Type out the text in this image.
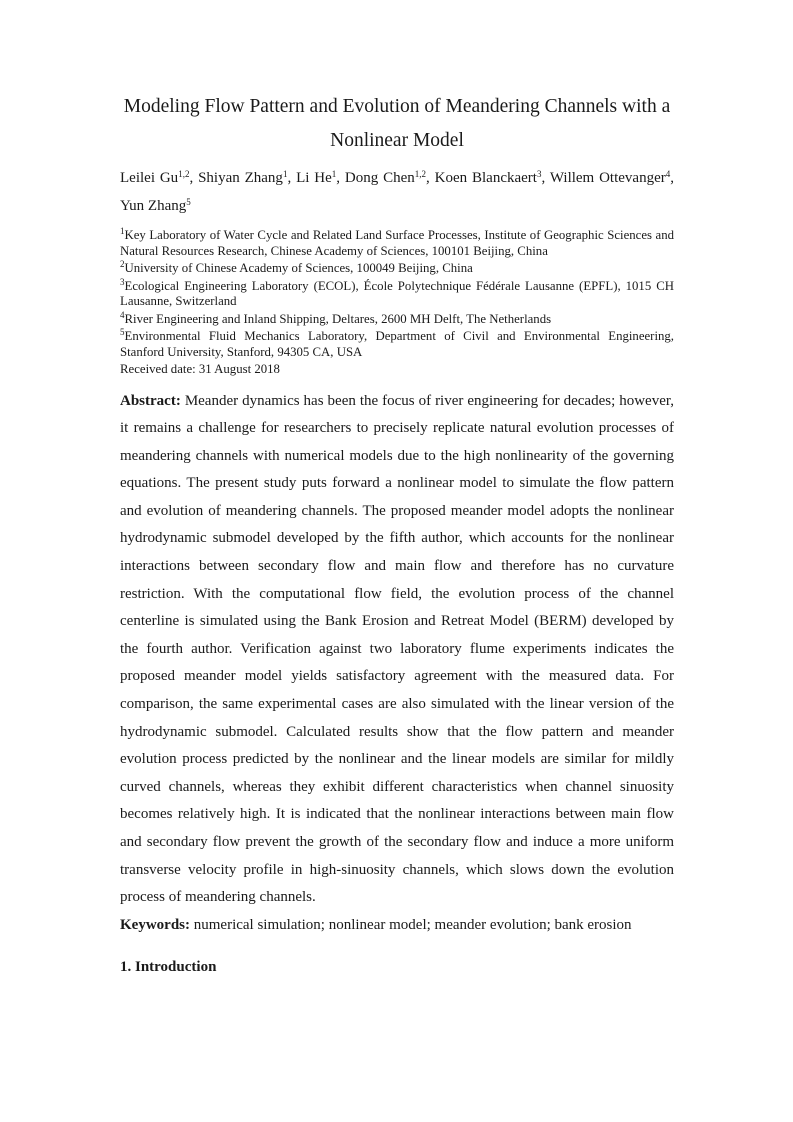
Modeling Flow Pattern and Evolution of Meandering Channels with a Nonlinear Model

Leilei Gu$^{1,2}$, Shiyan Zhang$^1$, Li He$^1$, Dong Chen$^{1,2}$, Koen Blanckaert$^3$, Willem Ottevanger$^4$,  Yun Zhang$^5$

$^1$Key Laboratory of Water Cycle and Related Land Surface Processes, Institute of Geographic Sciences and Natural Resources Research, Chinese Academy of Sciences, 100101 Beijing, China

$^2$University of Chinese Academy of Sciences, 100049 Beijing, China

$^3$Ecological Engineering Laboratory (ECOL), École Polytechnique Fédérale Lausanne (EPFL), 1015 CH Lausanne, Switzerland

$^4$River Engineering and Inland Shipping, Deltares, 2600 MH Delft, The Netherlands

$^5$Environmental Fluid Mechanics Laboratory, Department of Civil and Environmental Engineering, Stanford University, Stanford, 94305 CA, USA

Received date: 31 August 2018

Abstract: Meander dynamics has been the focus of river engineering for decades; however, it remains a challenge for researchers to precisely replicate natural evolution processes of meandering channels with numerical models due to the high nonlinearity of the governing equations. The present study puts forward a nonlinear model to simulate the flow pattern and evolution of meandering channels. The proposed meander model adopts the nonlinear hydrodynamic submodel developed by the fifth author, which accounts for the nonlinear interactions between secondary flow and main flow and therefore has no curvature restriction. With the computational flow field, the evolution process of the channel centerline is simulated using the Bank Erosion and Retreat Model (BERM) developed by the fourth author. Verification against two laboratory flume experiments indicates the proposed meander model yields satisfactory agreement with the measured data. For comparison, the same experimental cases are also simulated with the linear version of the hydrodynamic submodel. Calculated results show that the flow pattern and meander evolution process predicted by the nonlinear and the linear models are similar for mildly curved channels, whereas they exhibit different characteristics when channel sinuosity becomes relatively high. It is indicated that the nonlinear interactions between main flow and secondary flow prevent the growth of the secondary flow and induce a more uniform transverse velocity profile in high-sinuosity channels, which slows down the evolution process of meandering channels.

Keywords: numerical simulation; nonlinear model; meander evolution; bank erosion

1. Introduction
